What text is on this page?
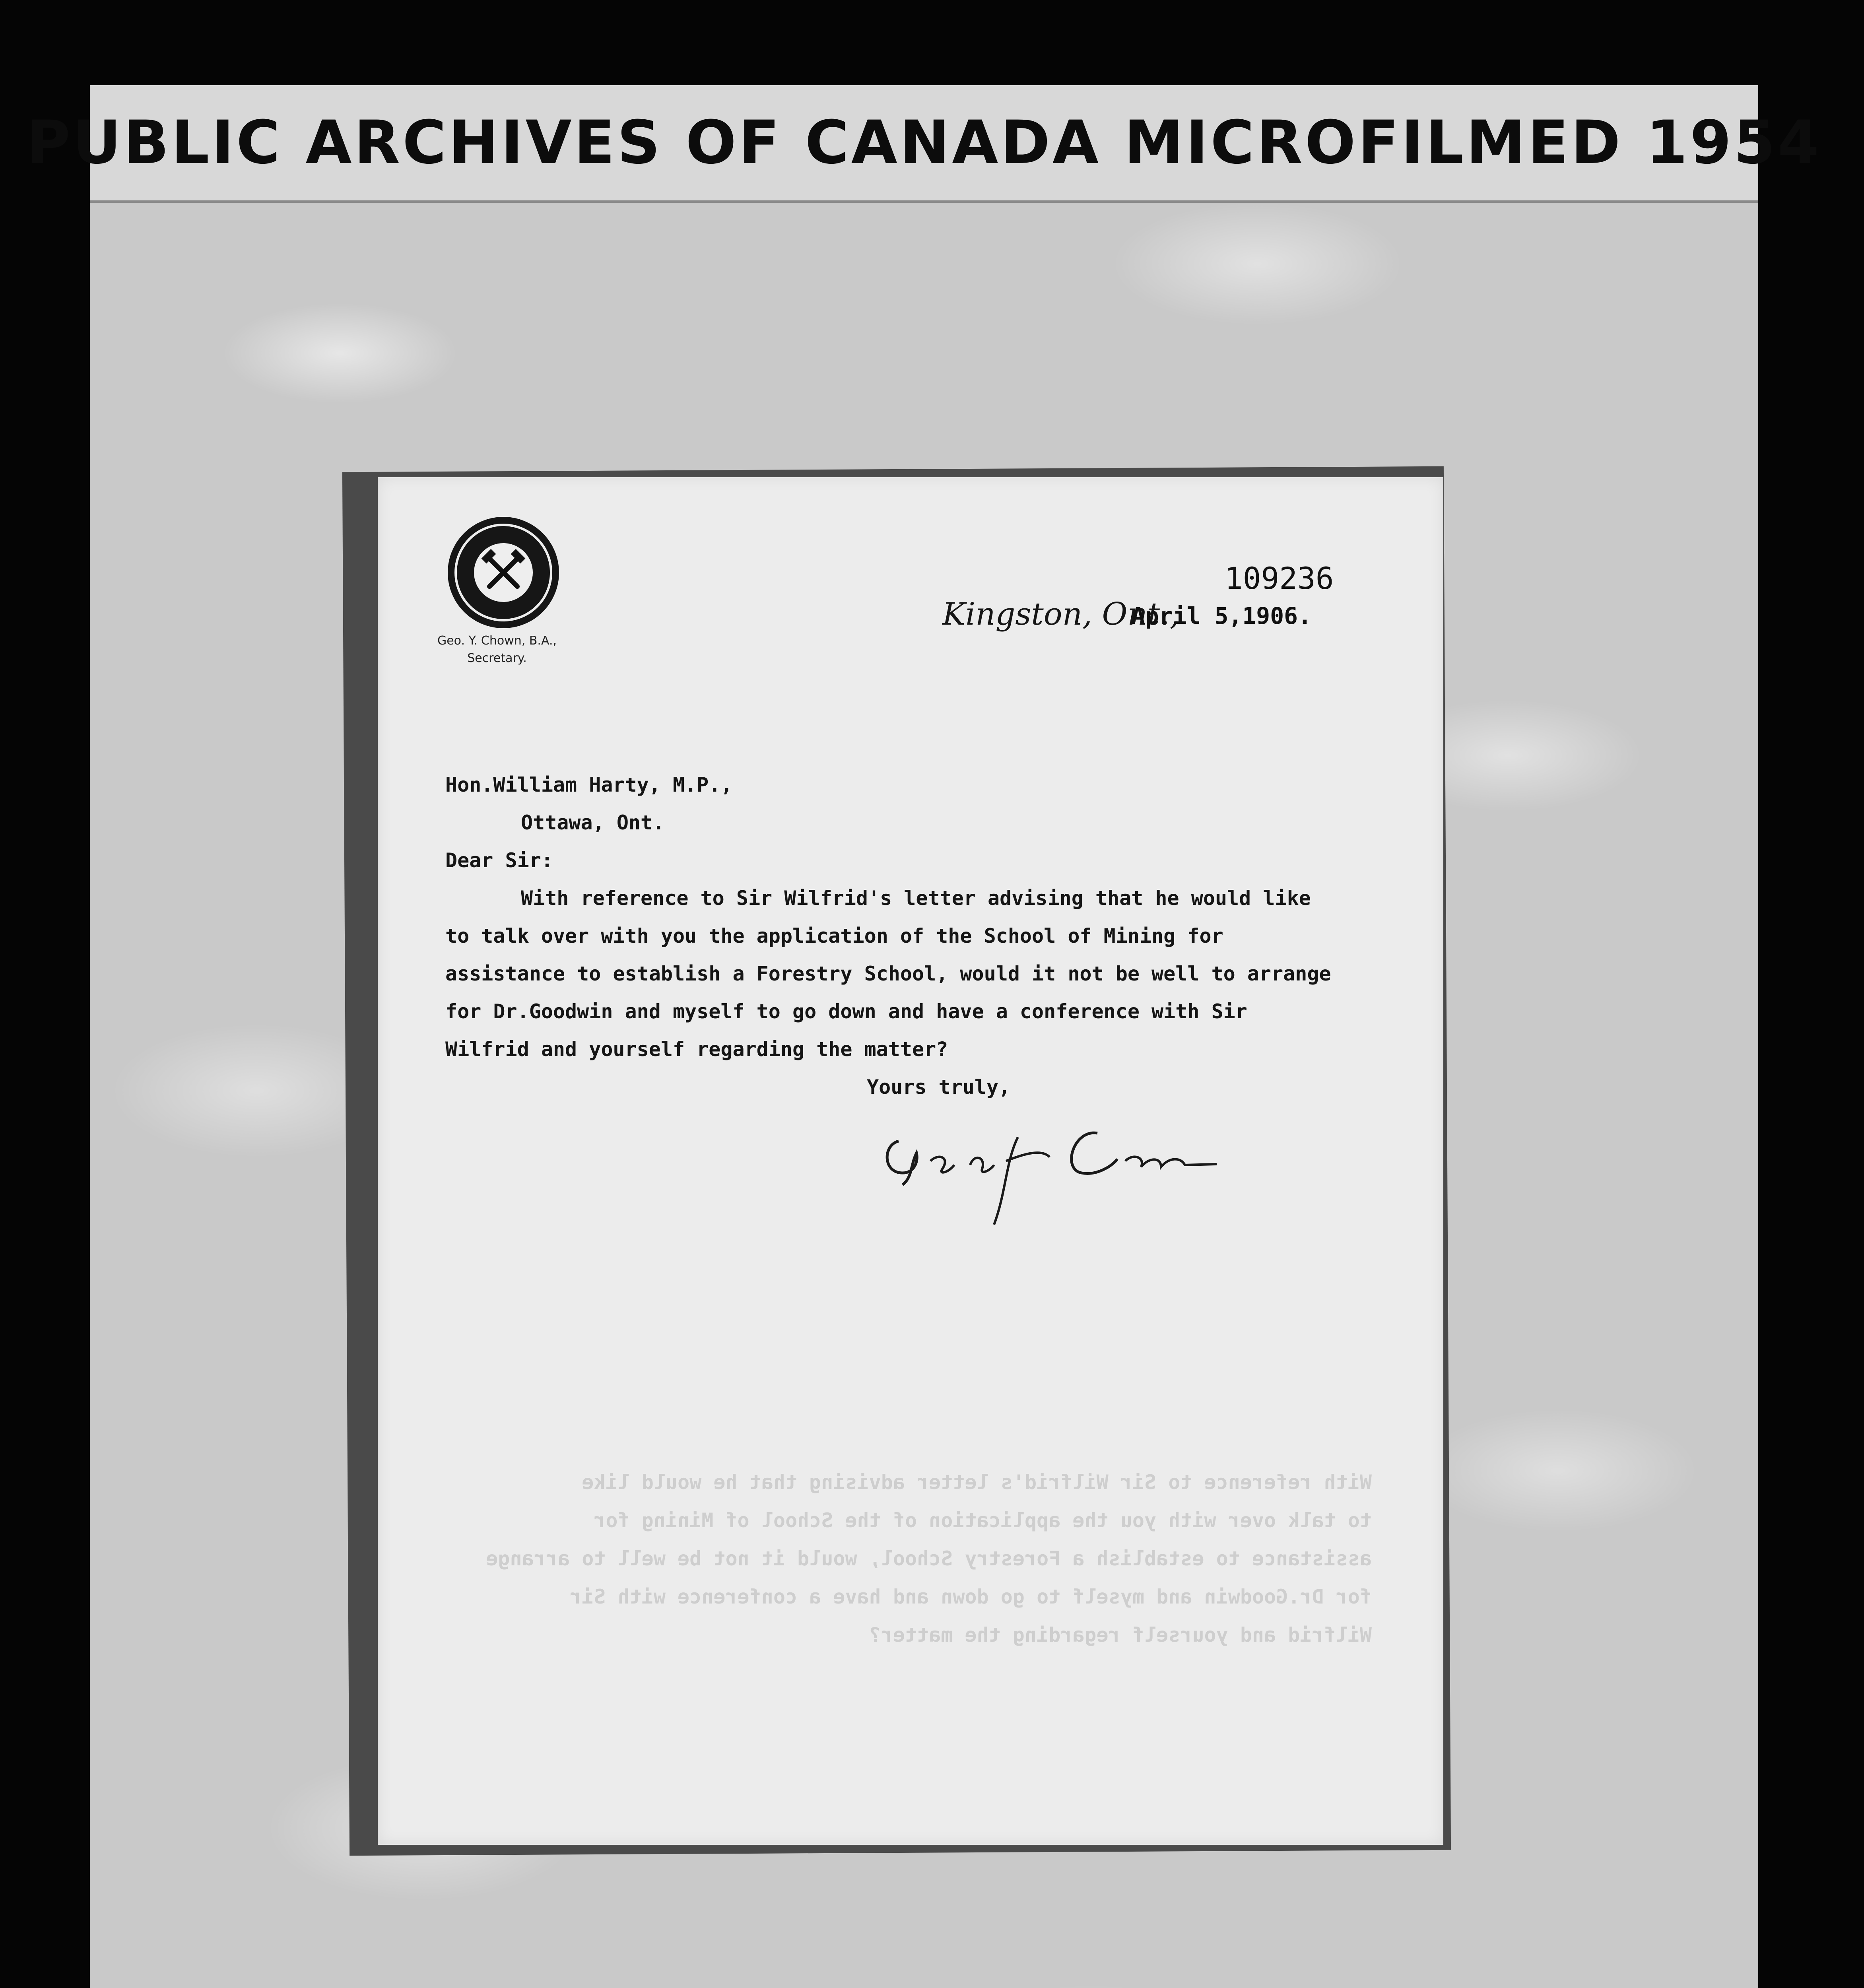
PUBLIC ARCHIVES OF CANADA MICROFILMED 1954
Geo. Y. Chown, B.A.,
Secretary.
109236
Kingston, Ont.,
April 5,1906.
Hon.William Harty, M.P.,
Ottawa, Ont.
Dear Sir:
With reference to Sir Wilfrid's letter advising that he would like
to talk over with you the application of the School of Mining for
assistance to establish a Forestry School, would it not be well to arrange
for Dr.Goodwin and myself to go down and have a conference with Sir
Wilfrid and yourself regarding the matter?
Yours truly,
With reference to Sir Wilfrid's letter advising that he would like
to talk over with you the application of the School of Mining for
assistance to establish a Forestry School, would it not be well to arrange
for Dr.Goodwin and myself to go down and have a conference with Sir
Wilfrid and yourself regarding the matter?
